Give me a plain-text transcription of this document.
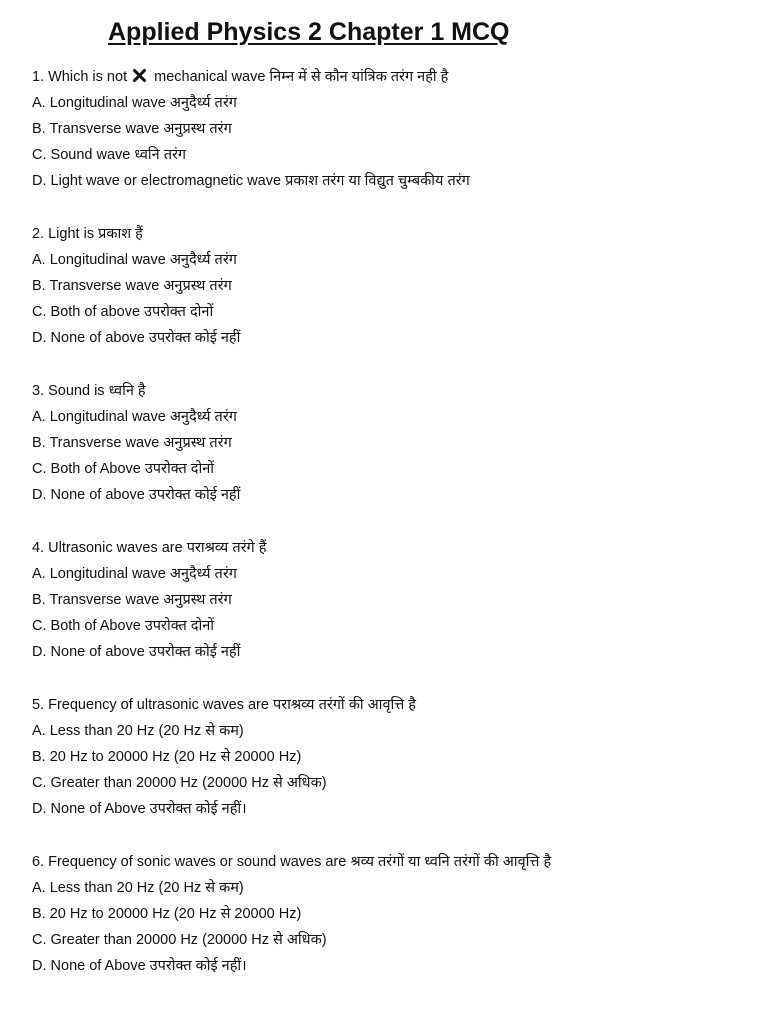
Applied Physics 2 Chapter 1 MCQ
1. Which is not mechanical wave निम्न में से कौन यांत्रिक तरंग नही है
A. Longitudinal wave अनुदैर्ध्य तरंग
B. Transverse wave अनुप्रस्थ तरंग
C. Sound wave ध्वनि तरंग
D. Light wave or electromagnetic wave प्रकाश तरंग या विद्युत चुम्बकीय तरंग
2. Light is प्रकाश हैं
A. Longitudinal wave अनुदैर्ध्य तरंग
B. Transverse wave अनुप्रस्थ तरंग
C. Both of above उपरोक्त दोनों
D. None of above उपरोक्त कोई नहीं
3. Sound is ध्वनि है
A. Longitudinal wave अनुदैर्ध्य तरंग
B. Transverse wave अनुप्रस्थ तरंग
C. Both of Above उपरोक्त दोनों
D. None of above उपरोक्त कोई नहीं
4. Ultrasonic waves are पराश्रव्य तरंगे हैं
A. Longitudinal wave अनुदैर्ध्य तरंग
B. Transverse wave अनुप्रस्थ तरंग
C. Both of Above उपरोक्त दोनों
D. None of above उपरोक्त कोई नहीं
5. Frequency of ultrasonic waves are पराश्रव्य तरंगों की आवृत्ति है
A. Less than 20 Hz (20 Hz से कम)
B. 20 Hz to 20000 Hz (20 Hz से 20000 Hz)
C. Greater than 20000 Hz (20000 Hz से अधिक)
D. None of Above उपरोक्त कोई नहीं।
6. Frequency of sonic waves or sound waves are श्रव्य तरंगों या ध्वनि तरंगों की आवृत्ति है
A. Less than 20 Hz (20 Hz से कम)
B. 20 Hz to 20000 Hz (20 Hz से 20000 Hz)
C. Greater than 20000 Hz (20000 Hz से अधिक)
D. None of Above उपरोक्त कोई नहीं।
